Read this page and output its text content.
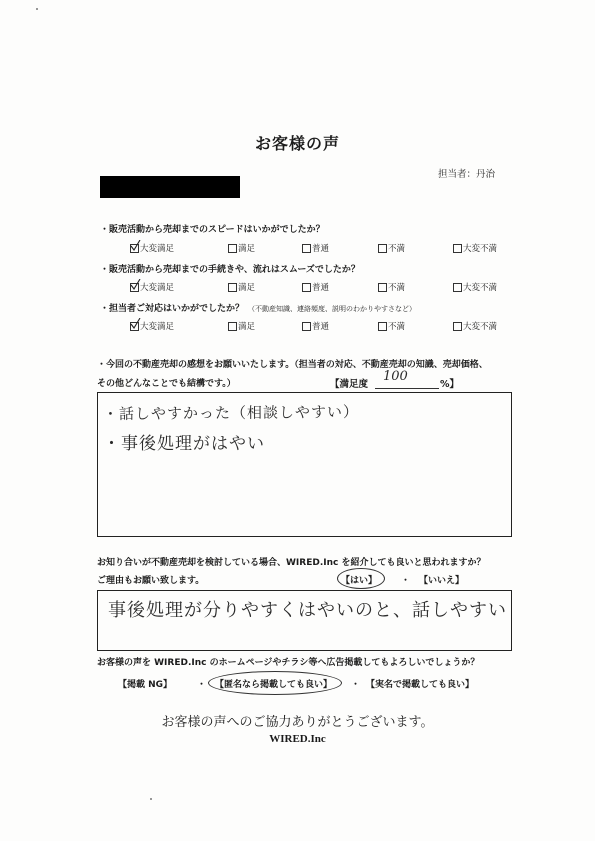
お客様の声
担当者：丹治
・販売活動から売却までのスピードはいかがでしたか？
大変満足	満足	普通	不満	大変不満
・販売活動から売却までの手続きや、流れはスムーズでしたか？
大変満足	満足	普通	不満	大変不満
・担当者ご対応はいかがでしたか？ （不動産知識、連絡頻度、説明のわかりやすさなど）
大変満足	満足	普通	不満	大変不満
・今回の不動産売却の感想をお願いいたします。（担当者の対応、不動産売却の知識、売却価格、
その他どんなことでも結構です。）	【満足度
100
%】
・話しやすかった（相談しやすい）
・事後処理がはやい
お知り合いが不動産売却を検討している場合、WIRED.Inc を紹介しても良いと思われますか？
ご理由もお願い致します。	【はい】	・ 【いいえ】
事後処理が分りやすくはやいのと、話しやすい
お客様の声を WIRED.Inc のホームページやチラシ等へ広告掲載してもよろしいでしょうか？
【掲載 NG】	・ 【匿名なら掲載しても良い】 ・ 【実名で掲載しても良い】
お客様の声へのご協力ありがとうございます。
WIRED.Inc
